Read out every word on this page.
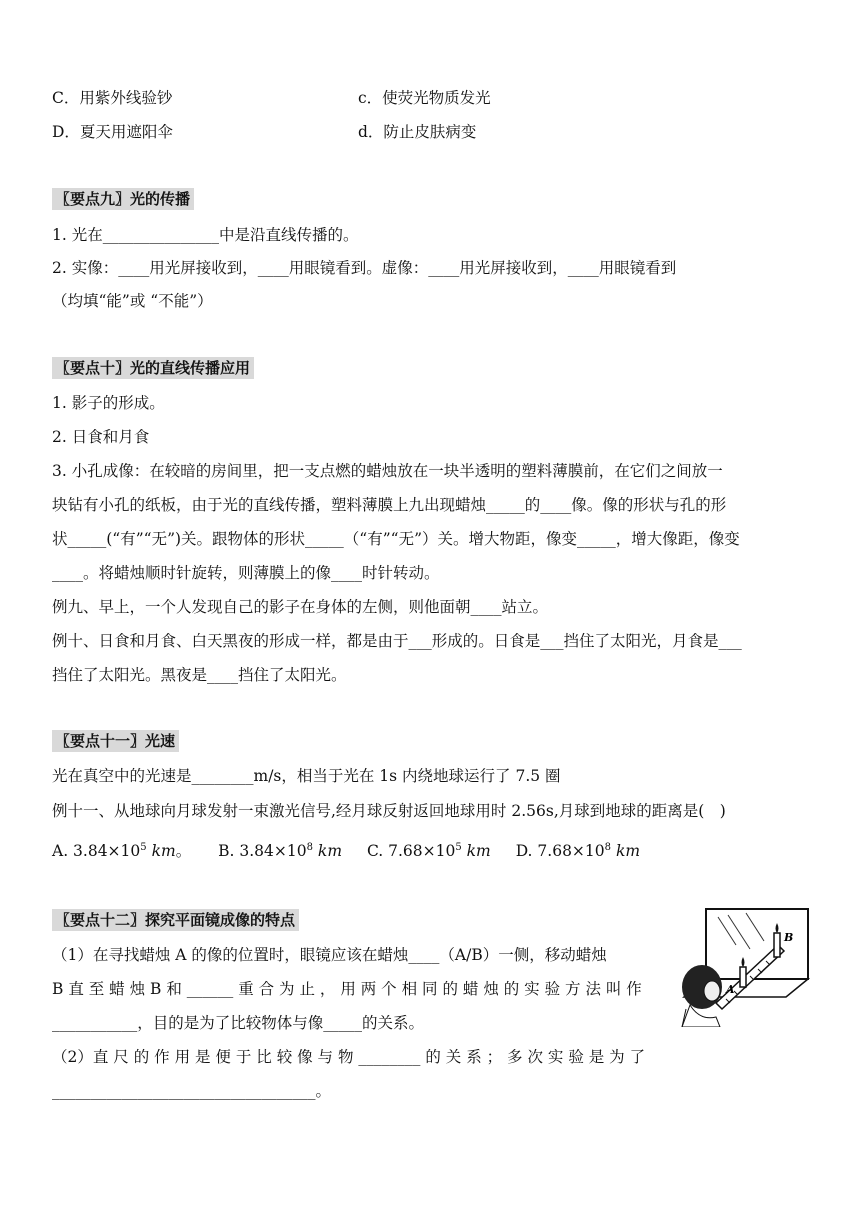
C．用紫外线验钞	c．使荧光物质发光
D．夏天用遮阳伞	d．防止皮肤病变
〖要点九〗光的传播
1. 光在_______________中是沿直线传播的。
2. 实像：____用光屏接收到，____用眼镜看到。虚像：____用光屏接收到，____用眼镜看到
（均填“能”或 “不能”）
〖要点十〗光的直线传播应用
1. 影子的形成。
2. 日食和月食
3. 小孔成像：在较暗的房间里，把一支点燃的蜡烛放在一块半透明的塑料薄膜前，在它们之间放一
块钻有小孔的纸板，由于光的直线传播，塑料薄膜上九出现蜡烛_____的____像。像的形状与孔的形
状_____(“有”“无”)关。跟物体的形状_____（“有”“无”）关。增大物距，像变_____，增大像距，像变
____。将蜡烛顺时针旋转，则薄膜上的像____时针转动。
例九、早上，一个人发现自己的影子在身体的左侧，则他面朝____站立。
例十、日食和月食、白天黑夜的形成一样，都是由于___形成的。日食是___挡住了太阳光，月食是___
挡住了太阳光。黑夜是____挡住了太阳光。
〖要点十一〗光速
光在真空中的光速是________m/s，相当于光在 1s 内绕地球运行了 7.5 圈
例十一、从地球向月球发射一束激光信号,经月球反射返回地球用时 2.56s,月球到地球的距离是(　)
A. $3.84\times 10^5$ km。 B. $3.84\times 10^8$ km C. $7.68\times 10^5$ km D. $7.68\times 10^8$ km
〖要点十二〗探究平面镜成像的特点
（1）在寻找蜡烛 A 的像的位置时，眼镜应该在蜡烛____（A/B）一侧，移动蜡烛
B 直 至 蜡 烛 B 和 ______ 重 合 为 止 ， 用 两 个 相 同 的 蜡 烛 的 实 验 方 法 叫 作
___________，目的是为了比较物体与像_____的关系。
（2）直 尺 的 作 用 是 便 于 比 较 像 与 物 ________ 的 关 系 ； 多 次 实 验 是 为 了
__________________________________。
B
A
